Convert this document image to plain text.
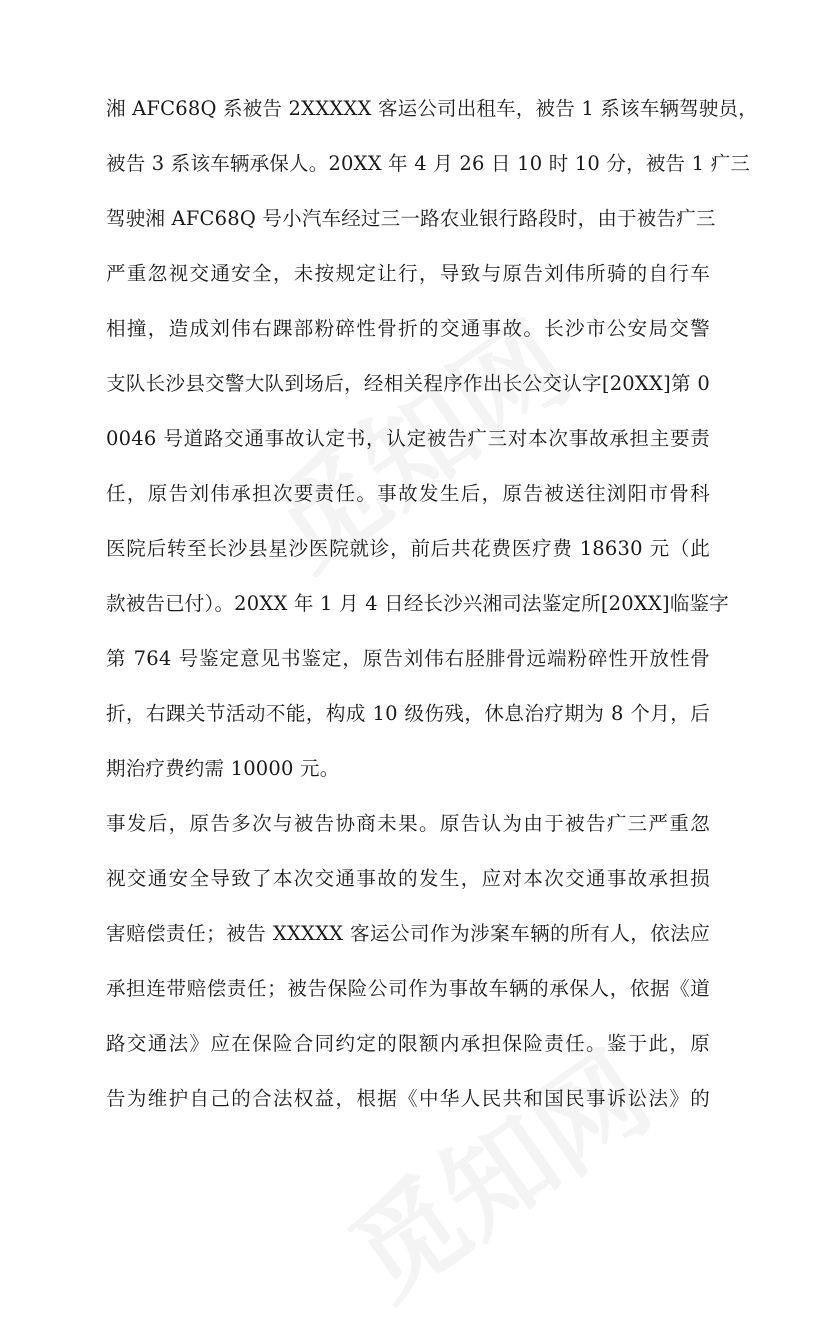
湘 AFC68Q 系被告 2XXXXX 客运公司出租车，被告 1 系该车辆驾驶员，
被告 3 系该车辆承保人。20XX 年 4 月 26 日 10 时 10 分，被告 1 疒三
驾驶湘 AFC68Q 号小汽车经过三一路农业银行路段时，由于被告疒三
严重忽视交通安全，未按规定让行，导致与原告刘伟所骑的自行车
相撞，造成刘伟右踝部粉碎性骨折的交通事故。长沙市公安局交警
支队长沙县交警大队到场后，经相关程序作出长公交认字[20XX]第 0
0046 号道路交通事故认定书，认定被告疒三对本次事故承担主要责
任，原告刘伟承担次要责任。事故发生后，原告被送往浏阳市骨科
医院后转至长沙县星沙医院就诊，前后共花费医疗费 18630 元（此
款被告已付）。20XX 年 1 月 4 日经长沙兴湘司法鉴定所[20XX]临鉴字
第 764 号鉴定意见书鉴定，原告刘伟右胫腓骨远端粉碎性开放性骨
折，右踝关节活动不能，构成 10 级伤残，休息治疗期为 8 个月，后
期治疗费约需 10000 元。
事发后，原告多次与被告协商未果。原告认为由于被告疒三严重忽
视交通安全导致了本次交通事故的发生，应对本次交通事故承担损
害赔偿责任；被告 XXXXX 客运公司作为涉案车辆的所有人，依法应
承担连带赔偿责任；被告保险公司作为事故车辆的承保人，依据《道
路交通法》应在保险合同约定的限额内承担保险责任。鉴于此，原
告为维护自己的合法权益，根据《中华人民共和国民事诉讼法》的
